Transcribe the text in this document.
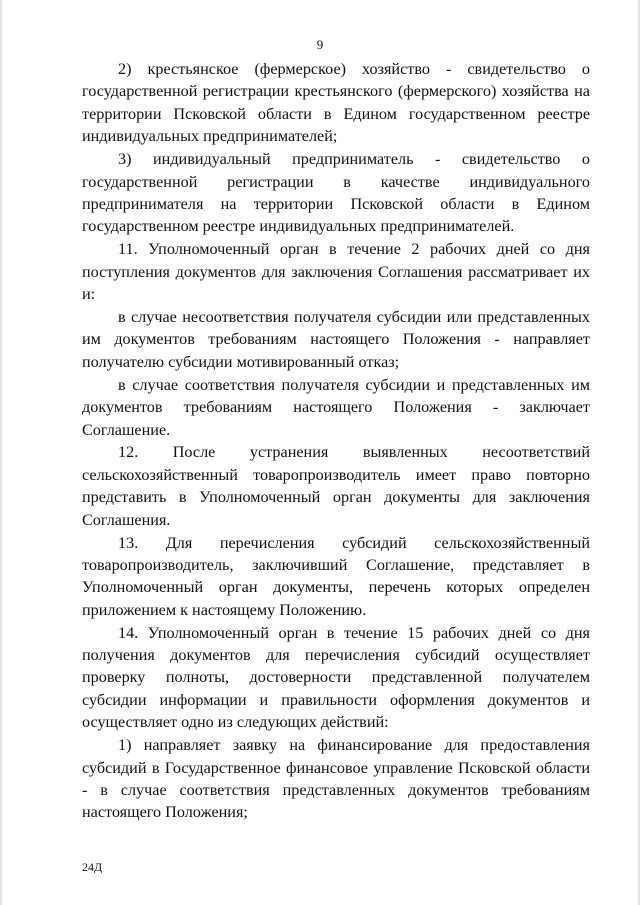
9

2) крестьянское (фермерское) хозяйство - свидетельство о государственной регистрации крестьянского (фермерского) хозяйства на территории Псковской области в Едином государственном реестре индивидуальных предпринимателей;

3) индивидуальный предприниматель - свидетельство о государственной регистрации в качестве индивидуального предпринимателя на территории Псковской области в Едином государственном реестре индивидуальных предпринимателей.

11. Уполномоченный орган в течение 2 рабочих дней со дня поступления документов для заключения Соглашения рассматривает их и:

в случае несоответствия получателя субсидии или представленных им документов требованиям настоящего Положения - направляет получателю субсидии мотивированный отказ;

в случае соответствия получателя субсидии и представленных им документов требованиям настоящего Положения - заключает Соглашение.

12. После устранения выявленных несоответствий сельскохозяйственный товаропроизводитель имеет право повторно представить в Уполномоченный орган документы для заключения Соглашения.

13. Для перечисления субсидий сельскохозяйственный товаропроизводитель, заключивший Соглашение, представляет в Уполномоченный орган документы, перечень которых определен приложением к настоящему Положению.

14. Уполномоченный орган в течение 15 рабочих дней со дня получения документов для перечисления субсидий осуществляет проверку полноты, достоверности представленной получателем субсидии информации и правильности оформления документов и осуществляет одно из следующих действий:

1) направляет заявку на финансирование для предоставления субсидий в Государственное финансовое управление Псковской области - в случае соответствия представленных документов требованиям настоящего Положения;

24Д
